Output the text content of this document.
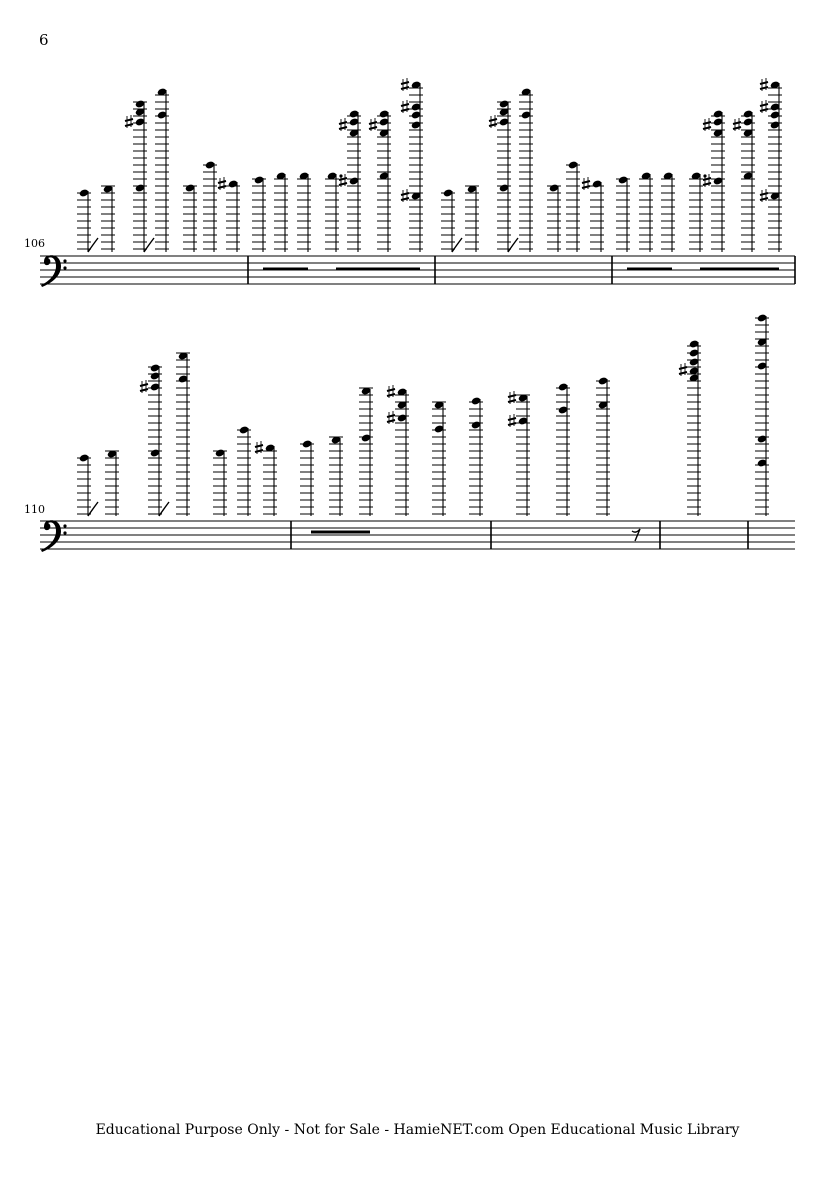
6
106
110
Educational Purpose Only - Not for Sale - HamieNET.com Open Educational Music Library
